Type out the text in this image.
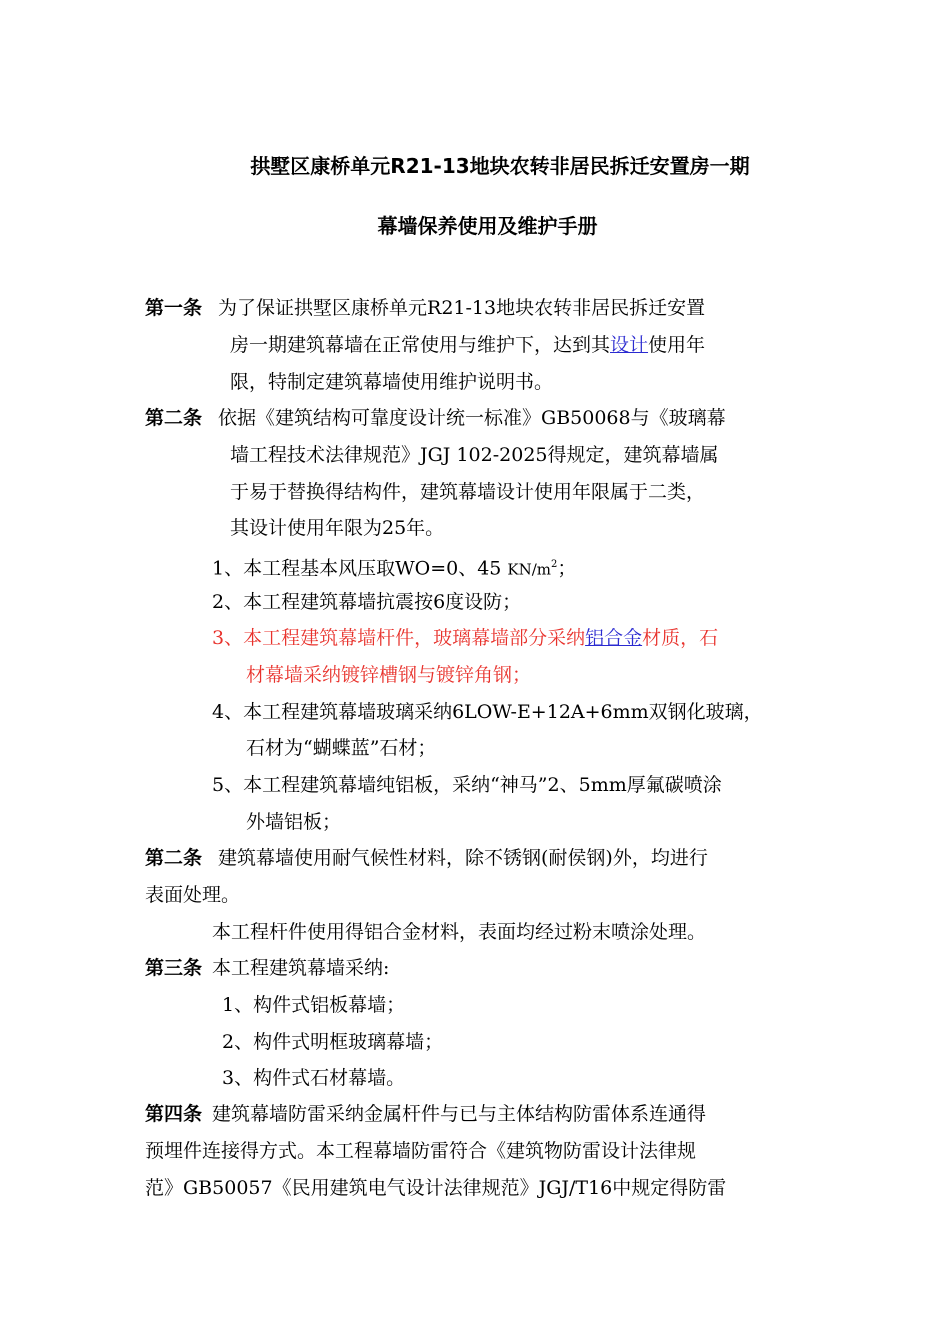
拱墅区康桥单元R21-13地块农转非居民拆迁安置房一期
幕墙保养使用及维护手册
第一条 为了保证拱墅区康桥单元R21-13地块农转非居民拆迁安置
房一期建筑幕墙在正常使用与维护下，达到其设计使用年
限，特制定建筑幕墙使用维护说明书。
第二条 依据《建筑结构可靠度设计统一标准》GB50068与《玻璃幕
墙工程技术法律规范》JGJ 102-2025得规定，建筑幕墙属
于易于替换得结构件，建筑幕墙设计使用年限属于二类，
其设计使用年限为25年。
1、本工程基本风压取WO=0、45 $KN/m^2$；
2、本工程建筑幕墙抗震按6度设防；
3、本工程建筑幕墙杆件，玻璃幕墙部分采纳铝合金材质，石
材幕墙采纳镀锌槽钢与镀锌角钢；
4、本工程建筑幕墙玻璃采纳6LOW-E+12A+6mm双钢化玻璃，
石材为“蝴蝶蓝”石材；
5、本工程建筑幕墙纯铝板，采纳“神马”2、5mm厚氟碳喷涂
外墙铝板；
第二条 建筑幕墙使用耐气候性材料，除不锈钢(耐侯钢)外，均进行
表面处理。
本工程杆件使用得铝合金材料，表面均经过粉末喷涂处理。
第三条 本工程建筑幕墙采纳:
1、构件式铝板幕墙；
2、构件式明框玻璃幕墙；
3、构件式石材幕墙。
第四条 建筑幕墙防雷采纳金属杆件与已与主体结构防雷体系连通得
预埋件连接得方式。本工程幕墙防雷符合《建筑物防雷设计法律规
范》GB50057《民用建筑电气设计法律规范》JGJ/T16中规定得防雷
